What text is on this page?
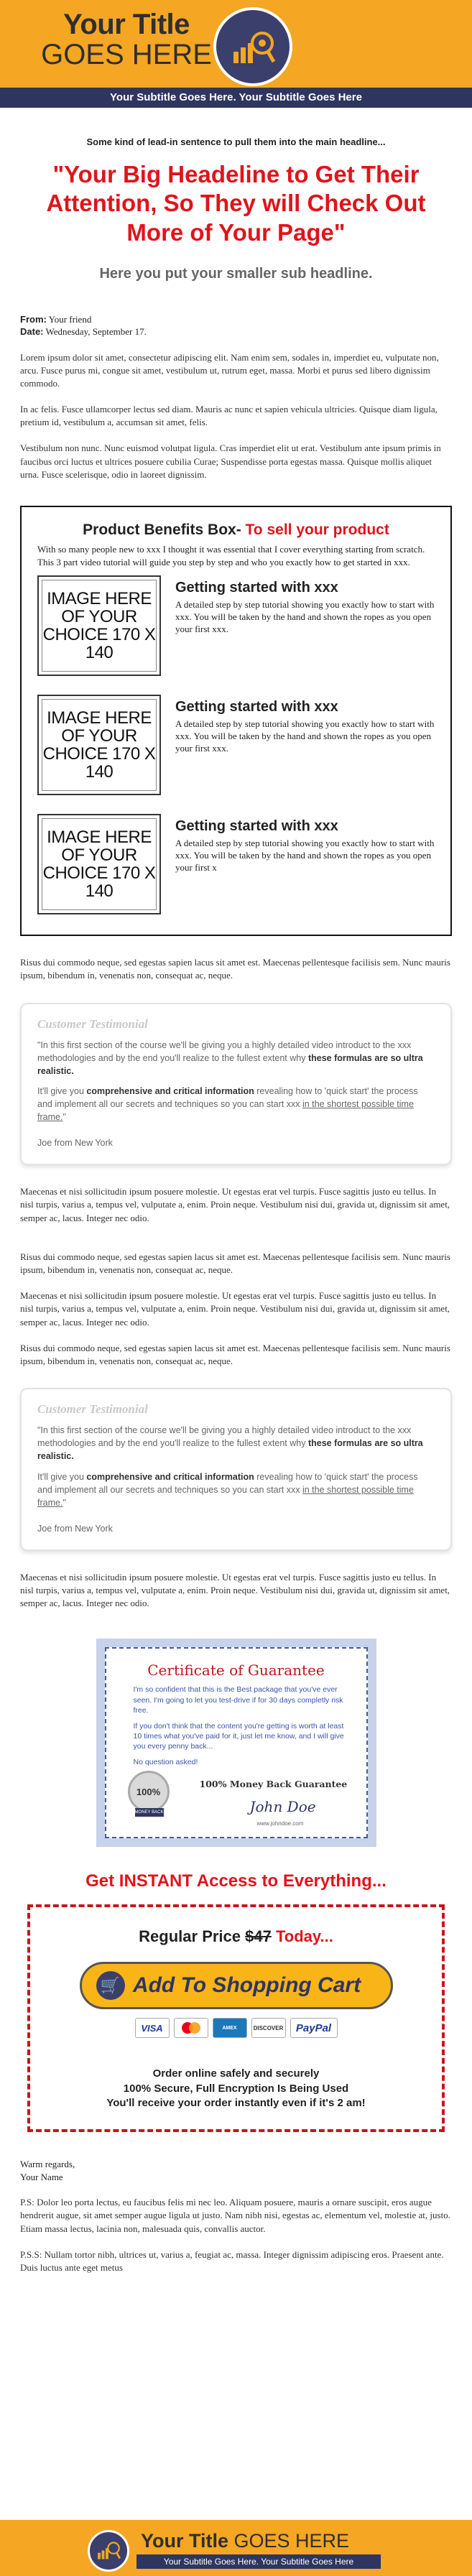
Your Title
GOES HERE
Your Subtitle Goes Here. Your Subtitle Goes Here
Some kind of lead-in sentence to pull them into the main headline...
"Your Big Headeline to Get Their Attention, So They will Check Out More of Your Page"
Here you put your smaller sub headline.
From: Your friend
Date: Wednesday, September 17.

Lorem ipsum dolor sit amet, consectetur adipiscing elit. Nam enim sem, sodales in, imperdiet eu, vulputate non, arcu. Fusce purus mi, congue sit amet, vestibulum ut, rutrum eget, massa. Morbi et purus sed libero dignissim commodo.

In ac felis. Fusce ullamcorper lectus sed diam. Mauris ac nunc et sapien vehicula ultricies. Quisque diam ligula, pretium id, vestibulum a, accumsan sit amet, felis.

Vestibulum non nunc. Nunc euismod volutpat ligula. Cras imperdiet elit ut erat. Vestibulum ante ipsum primis in faucibus orci luctus et ultrices posuere cubilia Curae; Suspendisse porta egestas massa. Quisque mollis aliquet urna. Fusce scelerisque, odio in laoreet dignissim.

Product Benefits Box- To sell your product
With so many people new to xxx I thought it was essential that I cover everything starting from scratch. This 3 part video tutorial will guide you step by step and who you exactly how to get started in xxx.
IMAGE HERE OF YOUR CHOICE 170 X 140
Getting started with xxx

A detailed step by step tutorial showing you exactly how to start with xxx. You will be taken by the hand and shown the ropes as you open your first xxx.

IMAGE HERE OF YOUR CHOICE 170 X 140
Getting started with xxx

A detailed step by step tutorial showing you exactly how to start with xxx. You will be taken by the hand and shown the ropes as you open your first xxx.

IMAGE HERE OF YOUR CHOICE 170 X 140
Getting started with xxx

A detailed step by step tutorial showing you exactly how to start with xxx. You will be taken by the hand and shown the ropes as you open your first x

Risus dui commodo neque, sed egestas sapien lacus sit amet est. Maecenas pellentesque facilisis sem. Nunc mauris ipsum, bibendum in, venenatis non, consequat ac, neque.

Customer Testimonial

"In this first section of the course we'll be giving you a highly detailed video introduct to the xxx methodologies and by the end you'll realize to the fullest extent why these formulas are so ultra realistic.

It'll give you comprehensive and critical information revealing how to 'quick start' the process and implement all our secrets and techniques so you can start xxx in the shortest possible time frame."

Joe from New York

Maecenas et nisi sollicitudin ipsum posuere molestie. Ut egestas erat vel turpis. Fusce sagittis justo eu tellus. In nisl turpis, varius a, tempus vel, vulputate a, enim. Proin neque. Vestibulum nisi dui, gravida ut, dignissim sit amet, semper ac, lacus. Integer nec odio.

Risus dui commodo neque, sed egestas sapien lacus sit amet est. Maecenas pellentesque facilisis sem. Nunc mauris ipsum, bibendum in, venenatis non, consequat ac, neque.

Maecenas et nisi sollicitudin ipsum posuere molestie. Ut egestas erat vel turpis. Fusce sagittis justo eu tellus. In nisl turpis, varius a, tempus vel, vulputate a, enim. Proin neque. Vestibulum nisi dui, gravida ut, dignissim sit amet, semper ac, lacus. Integer nec odio.

Risus dui commodo neque, sed egestas sapien lacus sit amet est. Maecenas pellentesque facilisis sem. Nunc mauris ipsum, bibendum in, venenatis non, consequat ac, neque.

Customer Testimonial

"In this first section of the course we'll be giving you a highly detailed video introduct to the xxx methodologies and by the end you'll realize to the fullest extent why these formulas are so ultra realistic.

It'll give you comprehensive and critical information revealing how to 'quick start' the process and implement all our secrets and techniques so you can start xxx in the shortest possible time frame."

Joe from New York

Maecenas et nisi sollicitudin ipsum posuere molestie. Ut egestas erat vel turpis. Fusce sagittis justo eu tellus. In nisl turpis, varius a, tempus vel, vulputate a, enim. Proin neque. Vestibulum nisi dui, gravida ut, dignissim sit amet, semper ac, lacus. Integer nec odio.

Certificate of Guarantee

I'm so confident that this is the Best package that you've ever seen. I'm going to let you test-drive if for 30 days completly risk free.

If you don't think that the content you're getting is worth at least 10 times what you've paid for it, just let me know, and I will give you every penny back...

No question asked!

100%
MONEY BACK
100% Money Back Guarantee
John Doe
www.johndoe.com
Get INSTANT Access to Everything...
Regular Price $47 Today...
🛒 Add To Shopping Cart
VISA	AMEX	DISCOVER	PayPal
Order online safely and securely
100% Secure, Full Encryption Is Being Used
You'll receive your order instantly even if it's 2 am!
Warm regards,
Your Name

P.S: Dolor leo porta lectus, eu faucibus felis mi nec leo. Aliquam posuere, mauris a ornare suscipit, eros augue hendrerit augue, sit amet semper augue ligula ut justo. Nam nibh nisi, egestas ac, elementum vel, molestie at, justo. Etiam massa lectus, lacinia non, malesuada quis, convallis auctor.

P.S.S: Nullam tortor nibh, ultrices ut, varius a, feugiat ac, massa. Integer dignissim adipiscing eros. Praesent ante. Duis luctus ante eget metus

Your Title GOES HERE
Your Subtitle Goes Here. Your Subtitle Goes Here
